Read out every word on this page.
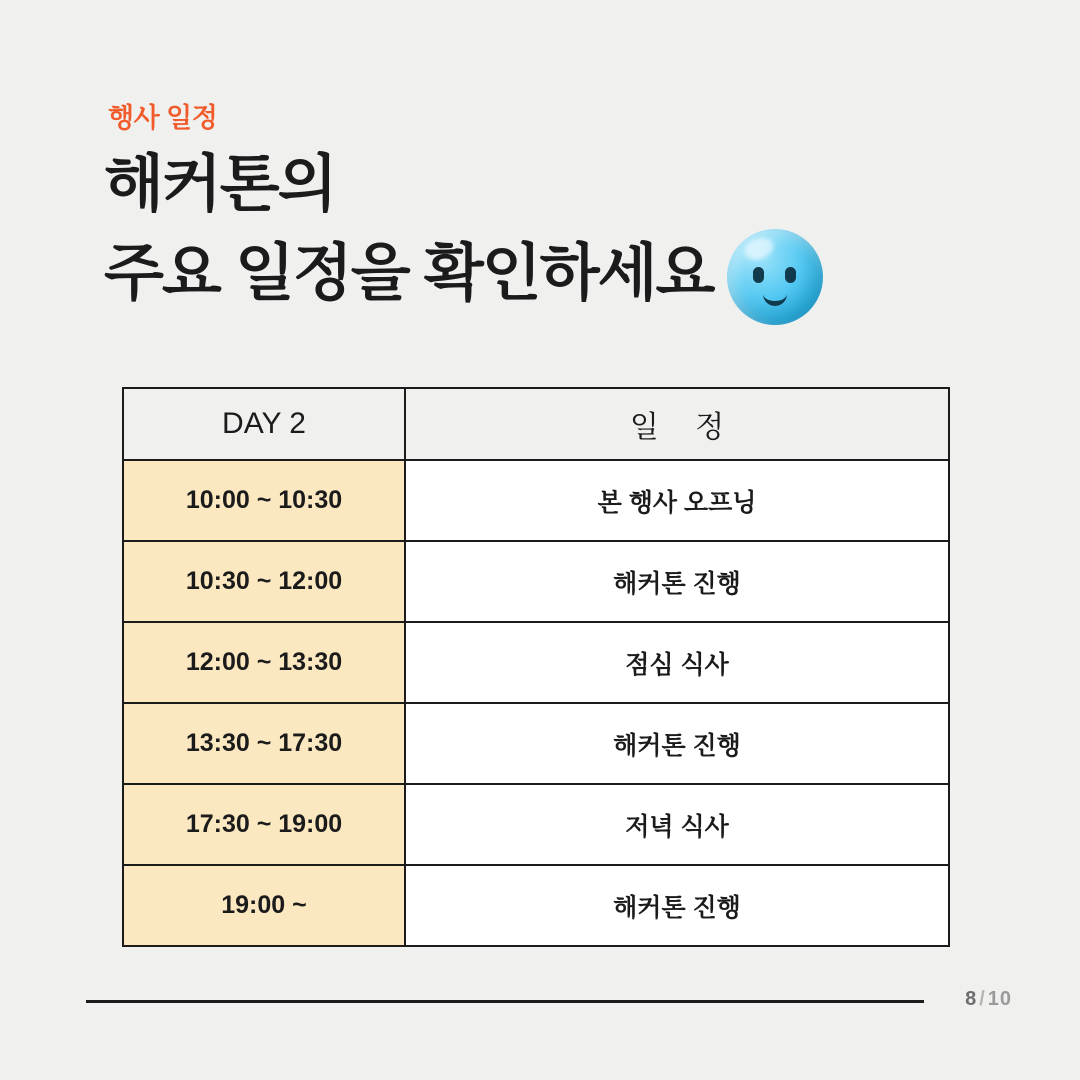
행사 일정
해커톤의
주요 일정을 확인하세요
DAY 2	일 정
10:00 ~ 10:30	본 행사 오프닝
10:30 ~ 12:00	해커톤 진행
12:00 ~ 13:30	점심 식사
13:30 ~ 17:30	해커톤 진행
17:30 ~ 19:00	저녁 식사
19:00 ~	해커톤 진행
8 / 10
